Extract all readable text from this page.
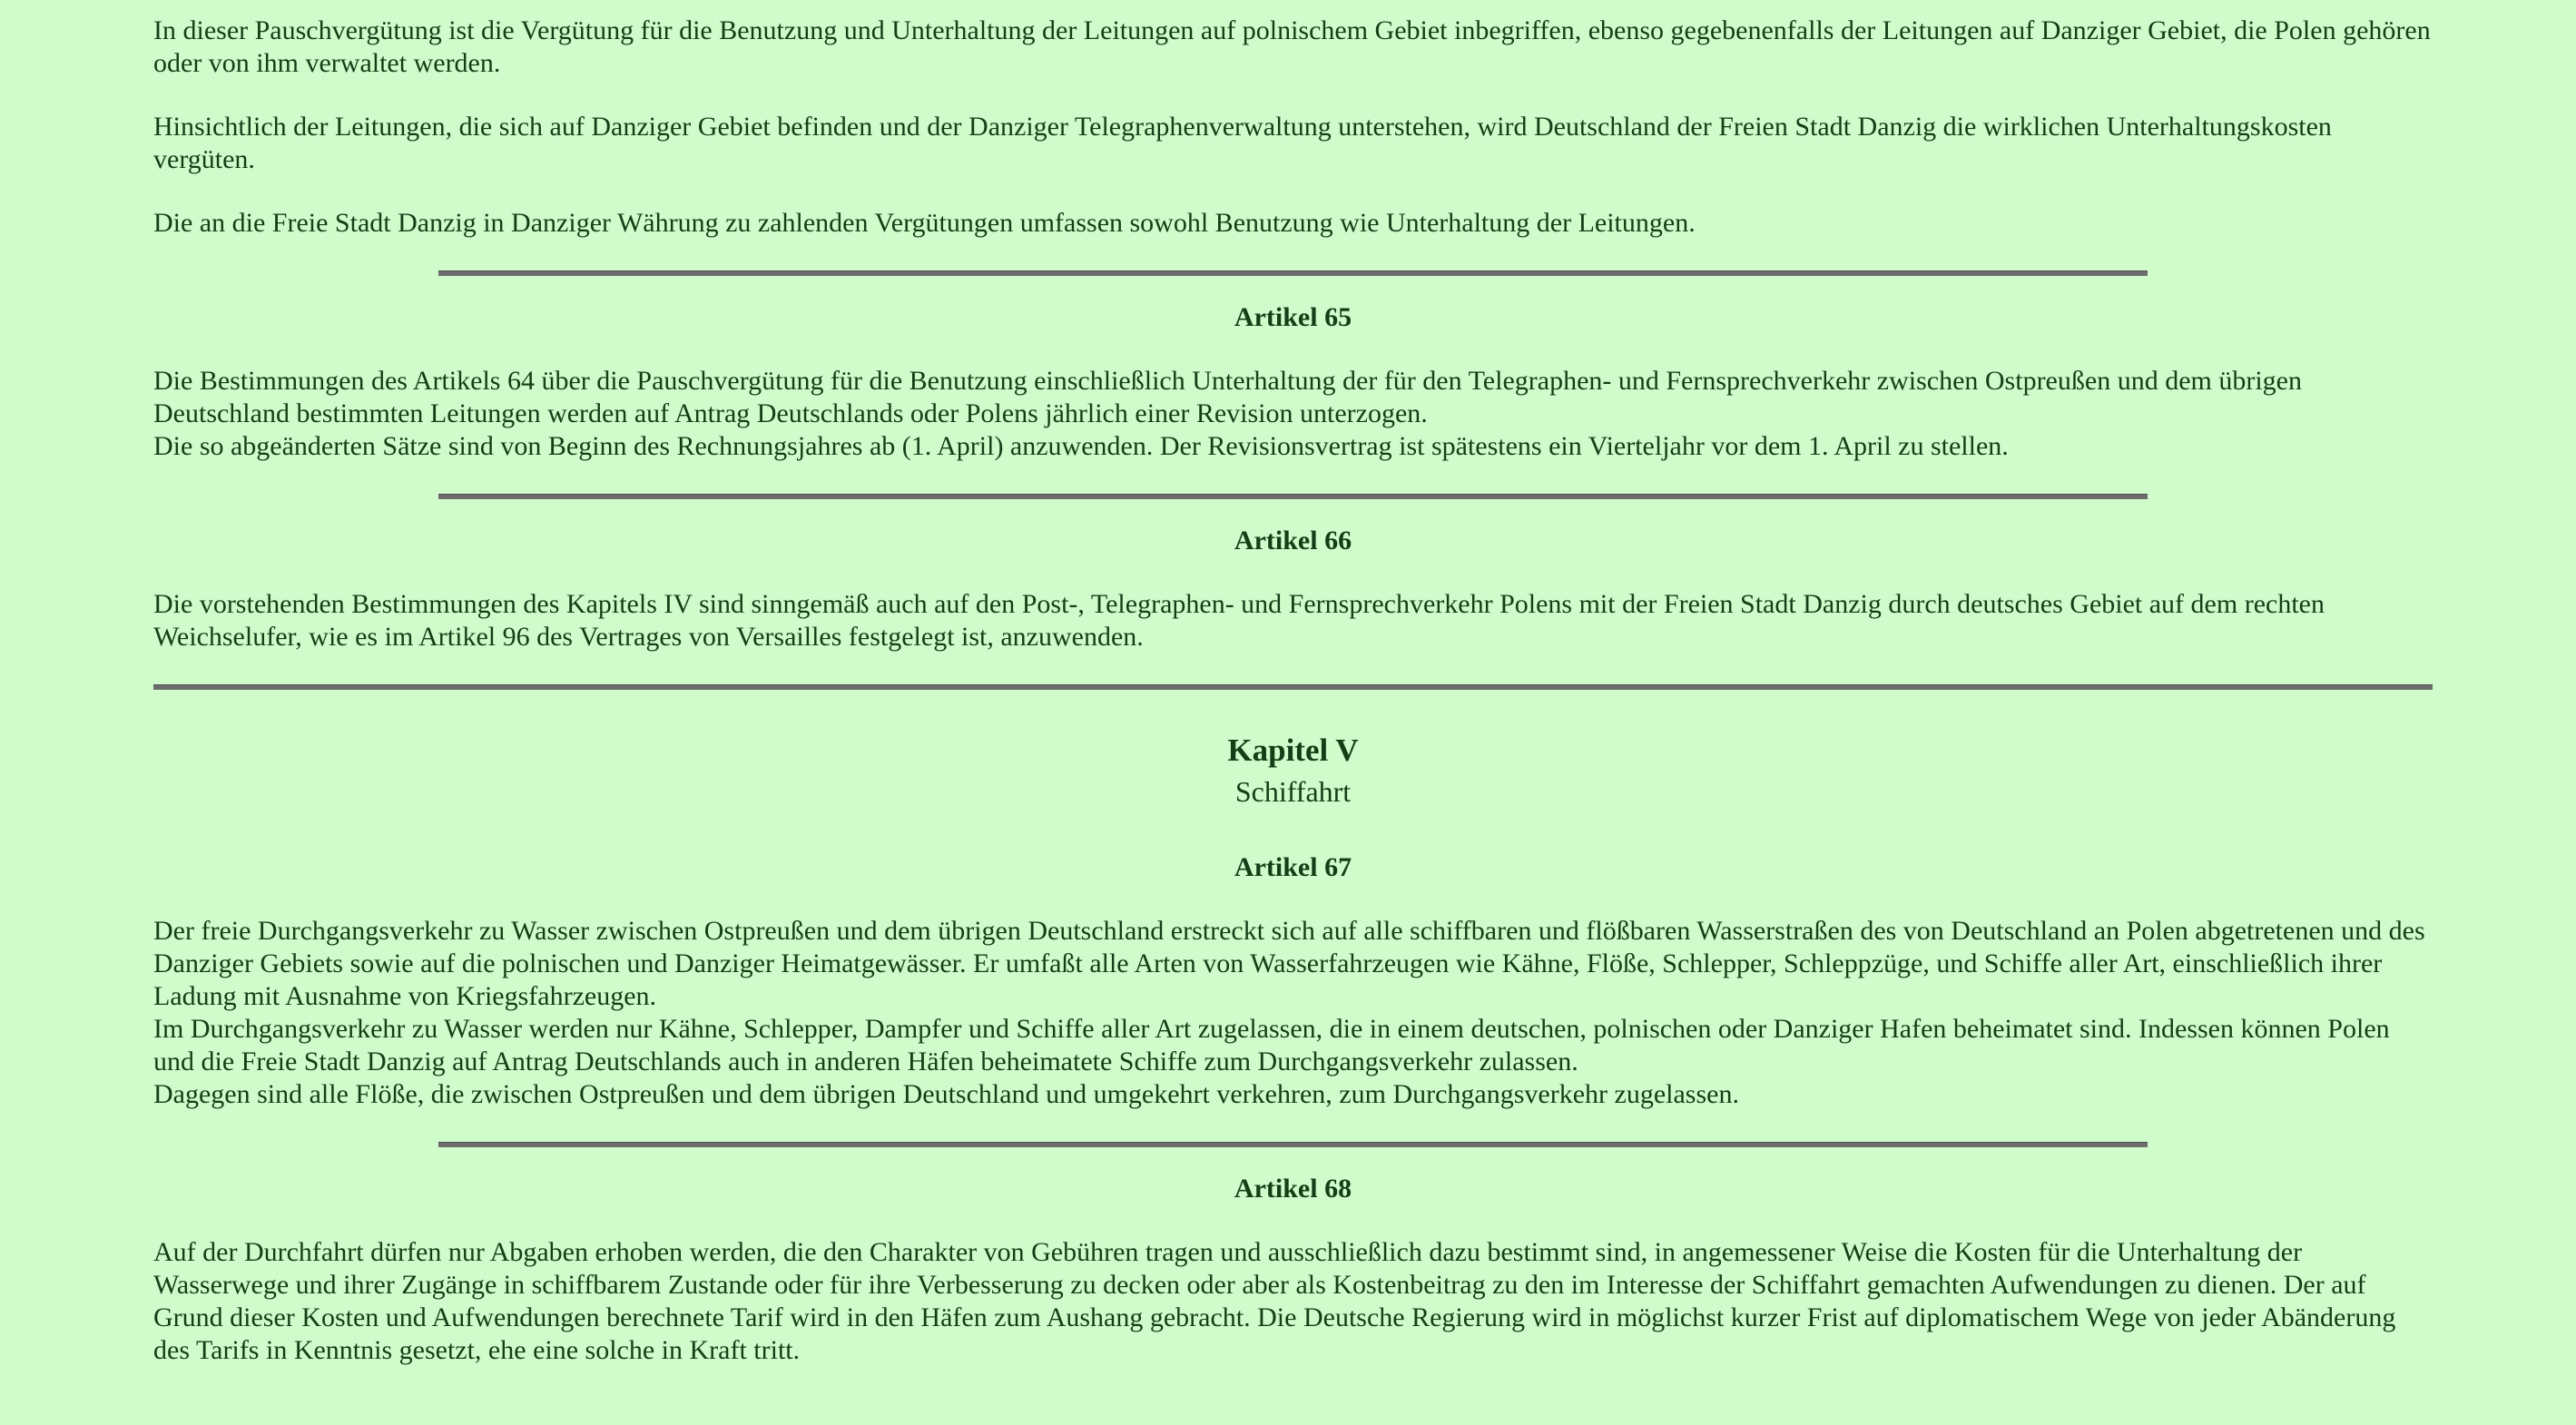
In dieser Pauschvergütung ist die Vergütung für die Benutzung und Unterhaltung der Leitungen auf polnischem Gebiet inbegriffen, ebenso gegebenenfalls der Leitungen auf Danziger Gebiet, die Polen gehören oder von ihm verwaltet werden.

Hinsichtlich der Leitungen, die sich auf Danziger Gebiet befinden und der Danziger Telegraphenverwaltung unterstehen, wird Deutschland der Freien Stadt Danzig die wirklichen Unterhaltungskosten vergüten.

Die an die Freie Stadt Danzig in Danziger Währung zu zahlenden Vergütungen umfassen sowohl Benutzung wie Unterhaltung der Leitungen.

Artikel 65

Die Bestimmungen des Artikels 64 über die Pauschvergütung für die Benutzung einschließlich Unterhaltung der für den Telegraphen- und Fernsprechverkehr zwischen Ostpreußen und dem übrigen Deutschland bestimmten Leitungen werden auf Antrag Deutschlands oder Polens jährlich einer Revision unterzogen.
Die so abgeänderten Sätze sind von Beginn des Rechnungsjahres ab (1. April) anzuwenden. Der Revisionsvertrag ist spätestens ein Vierteljahr vor dem 1. April zu stellen.

Artikel 66

Die vorstehenden Bestimmungen des Kapitels IV sind sinngemäß auch auf den Post-, Telegraphen- und Fernsprechverkehr Polens mit der Freien Stadt Danzig durch deutsches Gebiet auf dem rechten Weichselufer, wie es im Artikel 96 des Vertrages von Versailles festgelegt ist, anzuwenden.

Kapitel V
Schiffahrt
Artikel 67

Der freie Durchgangsverkehr zu Wasser zwischen Ostpreußen und dem übrigen Deutschland erstreckt sich auf alle schiffbaren und flößbaren Wasserstraßen des von Deutschland an Polen abgetretenen und des Danziger Gebiets sowie auf die polnischen und Danziger Heimatgewässer. Er umfaßt alle Arten von Wasserfahrzeugen wie Kähne, Flöße, Schlepper, Schleppzüge, und Schiffe aller Art, einschließlich ihrer Ladung mit Ausnahme von Kriegsfahrzeugen.
Im Durchgangsverkehr zu Wasser werden nur Kähne, Schlepper, Dampfer und Schiffe aller Art zugelassen, die in einem deutschen, polnischen oder Danziger Hafen beheimatet sind. Indessen können Polen und die Freie Stadt Danzig auf Antrag Deutschlands auch in anderen Häfen beheimatete Schiffe zum Durchgangsverkehr zulassen.
Dagegen sind alle Flöße, die zwischen Ostpreußen und dem übrigen Deutschland und umgekehrt verkehren, zum Durchgangsverkehr zugelassen.

Artikel 68

Auf der Durchfahrt dürfen nur Abgaben erhoben werden, die den Charakter von Gebühren tragen und ausschließlich dazu bestimmt sind, in angemessener Weise die Kosten für die Unterhaltung der Wasserwege und ihrer Zugänge in schiffbarem Zustande oder für ihre Verbesserung zu decken oder aber als Kostenbeitrag zu den im Interesse der Schiffahrt gemachten Aufwendungen zu dienen. Der auf Grund dieser Kosten und Aufwendungen berechnete Tarif wird in den Häfen zum Aushang gebracht. Die Deutsche Regierung wird in möglichst kurzer Frist auf diplomatischem Wege von jeder Abänderung des Tarifs in Kenntnis gesetzt, ehe eine solche in Kraft tritt.
